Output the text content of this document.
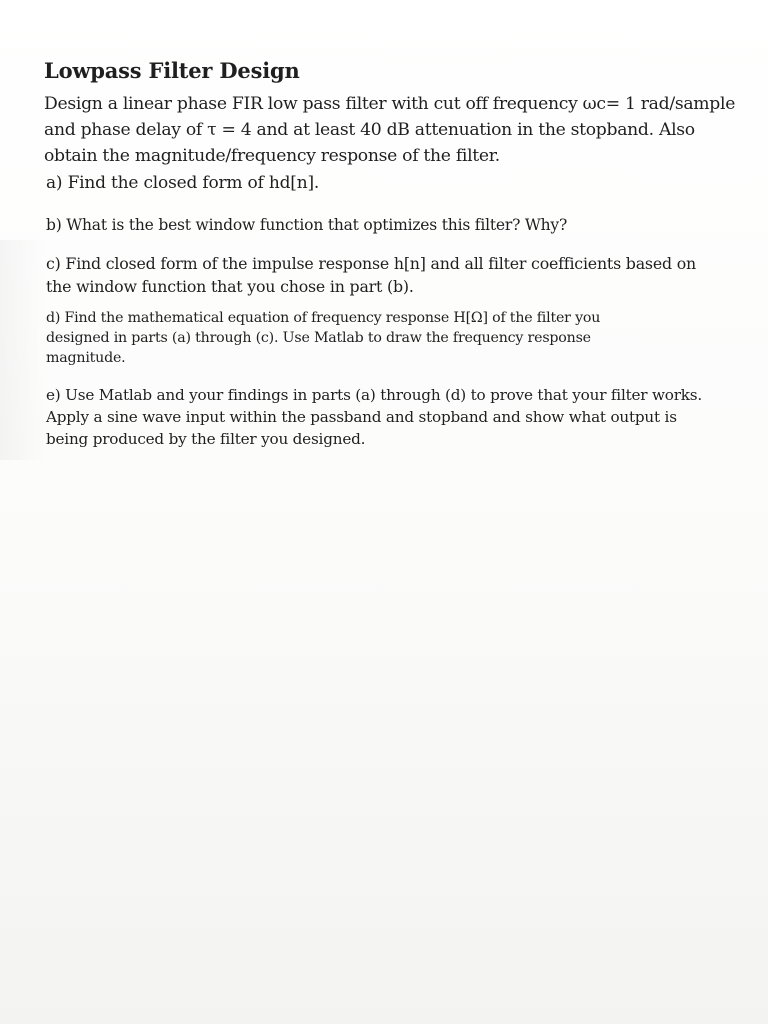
Lowpass Filter Design

Design a linear phase FIR low pass filter with cut off frequency ωc= 1 rad/sample and phase delay of τ = 4 and at least 40 dB attenuation in the stopband. Also obtain the magnitude/frequency response of the filter.

a) Find the closed form of hd[n].

b) What is the best window function that optimizes this filter? Why?

c) Find closed form of the impulse response h[n] and all filter coefficients based on the window function that you chose in part (b).

d) Find the mathematical equation of frequency response H[Ω] of the filter you designed in parts (a) through (c). Use Matlab to draw the frequency response magnitude.

e) Use Matlab and your findings in parts (a) through (d) to prove that your filter works. Apply a sine wave input within the passband and stopband and show what output is being produced by the filter you designed.
